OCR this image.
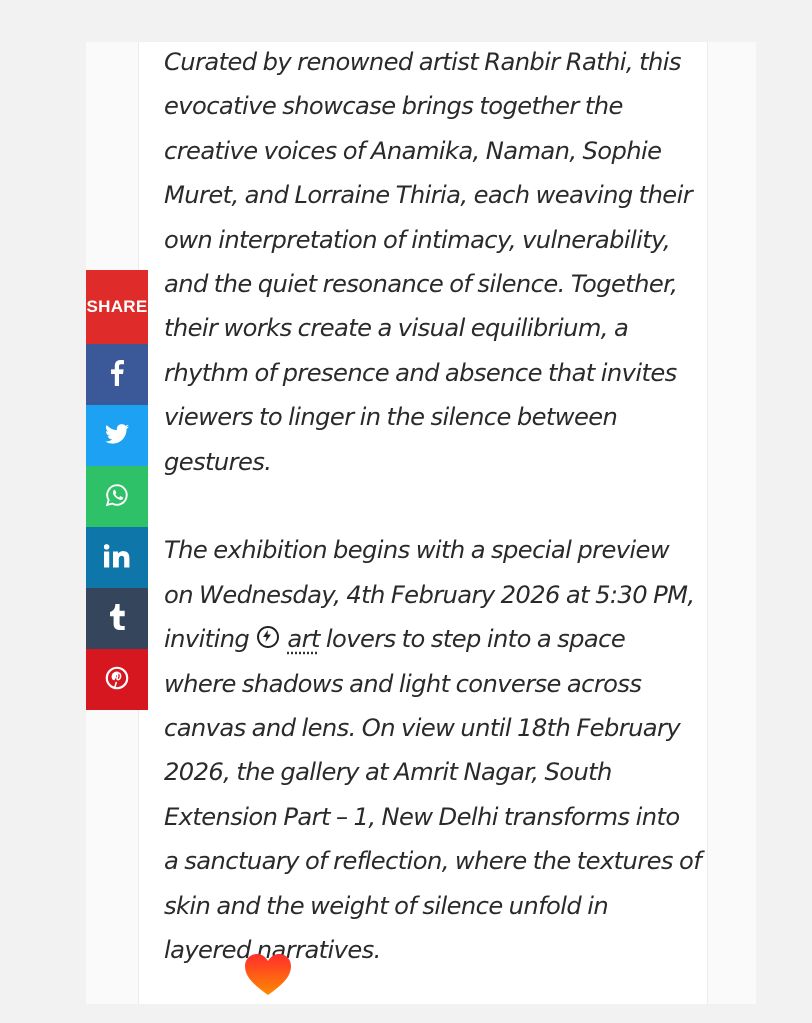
Curated by renowned artist Ranbir Rathi, this
evocative showcase brings together the
creative voices of Anamika, Naman, Sophie
Muret, and Lorraine Thiria, each weaving their
own interpretation of intimacy, vulnerability,
and the quiet resonance of silence. Together,
their works create a visual equilibrium, a
rhythm of presence and absence that invites
viewers to linger in the silence between
gestures.

The exhibition begins with a special preview
on Wednesday, 4th February 2026 at 5:30 PM,
inviting art lovers to step into a space
where shadows and light converse across
canvas and lens. On view until 18th February
2026, the gallery at Amrit Nagar, South
Extension Part – 1, New Delhi transforms into
a sanctuary of reflection, where the textures of
skin and the weight of silence unfold in
layered narratives.

SHARE
